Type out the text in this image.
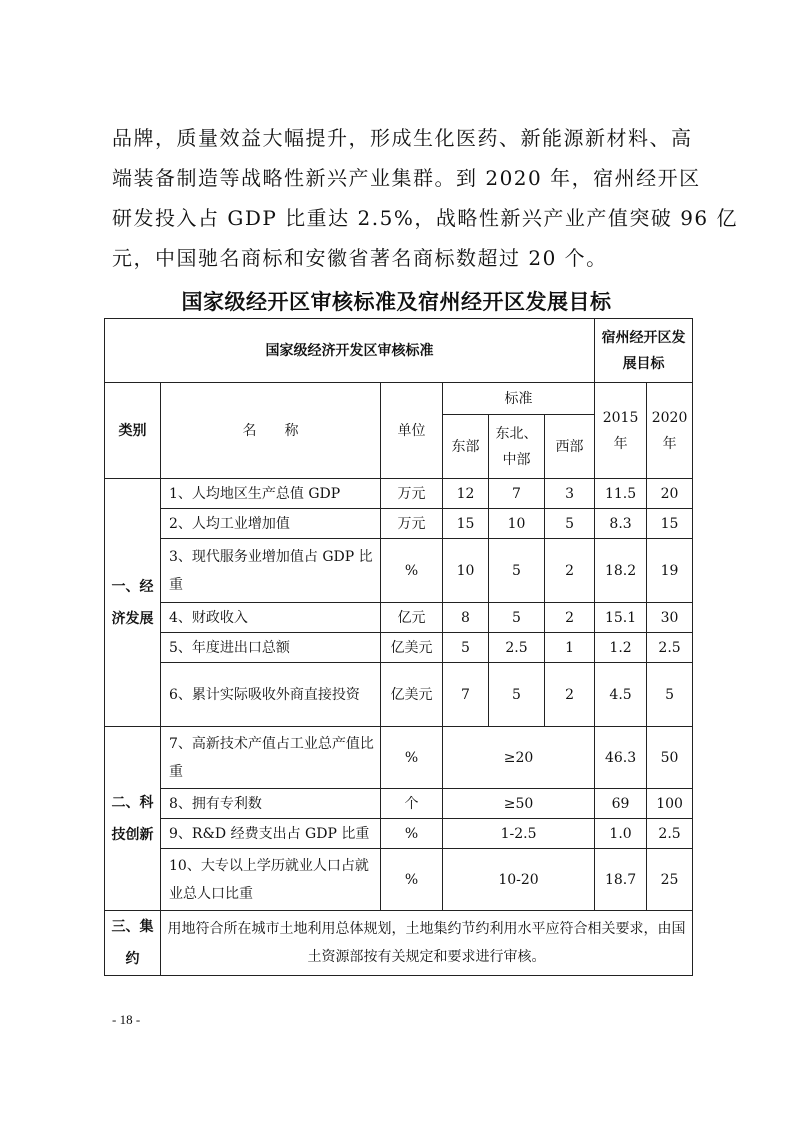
品牌，质量效益大幅提升，形成生化医药、新能源新材料、高

端装备制造等战略性新兴产业集群。到 2020 年，宿州经开区

研发投入占 GDP 比重达 2.5%，战略性新兴产业产值突破 96 亿

元，中国驰名商标和安徽省著名商标数超过 20 个。

国家级经开区审核标准及宿州经开区发展目标
国家级经济开发区审核标准						宿州经开区发展目标	
类别	名　　称	单位	标准			2015年	2020年
			东部	东北、中部	西部		
一、经济发展	1、人均地区生产总值 GDP	万元	12	7	3	11.5	20
	2、人均工业增加值	万元	15	10	5	8.3	15
	3、现代服务业增加值占 GDP 比重	%	10	5	2	18.2	19
	4、财政收入	亿元	8	5	2	15.1	30
	5、年度进出口总额	亿美元	5	2.5	1	1.2	2.5
	6、累计实际吸收外商直接投资	亿美元	7	5	2	4.5	5
二、科技创新	7、高新技术产值占工业总产值比重	%	≥20			46.3	50
	8、拥有专利数	个	≥50			69	100
	9、R&D 经费支出占 GDP 比重	%	1-2.5			1.0	2.5
	10、大专以上学历就业人口占就业总人口比重	%	10-20			18.7	25
三、集约	用地符合所在城市土地利用总体规划，土地集约节约利用水平应符合相关要求，由国土资源部按有关规定和要求进行审核。						
- 18 -
